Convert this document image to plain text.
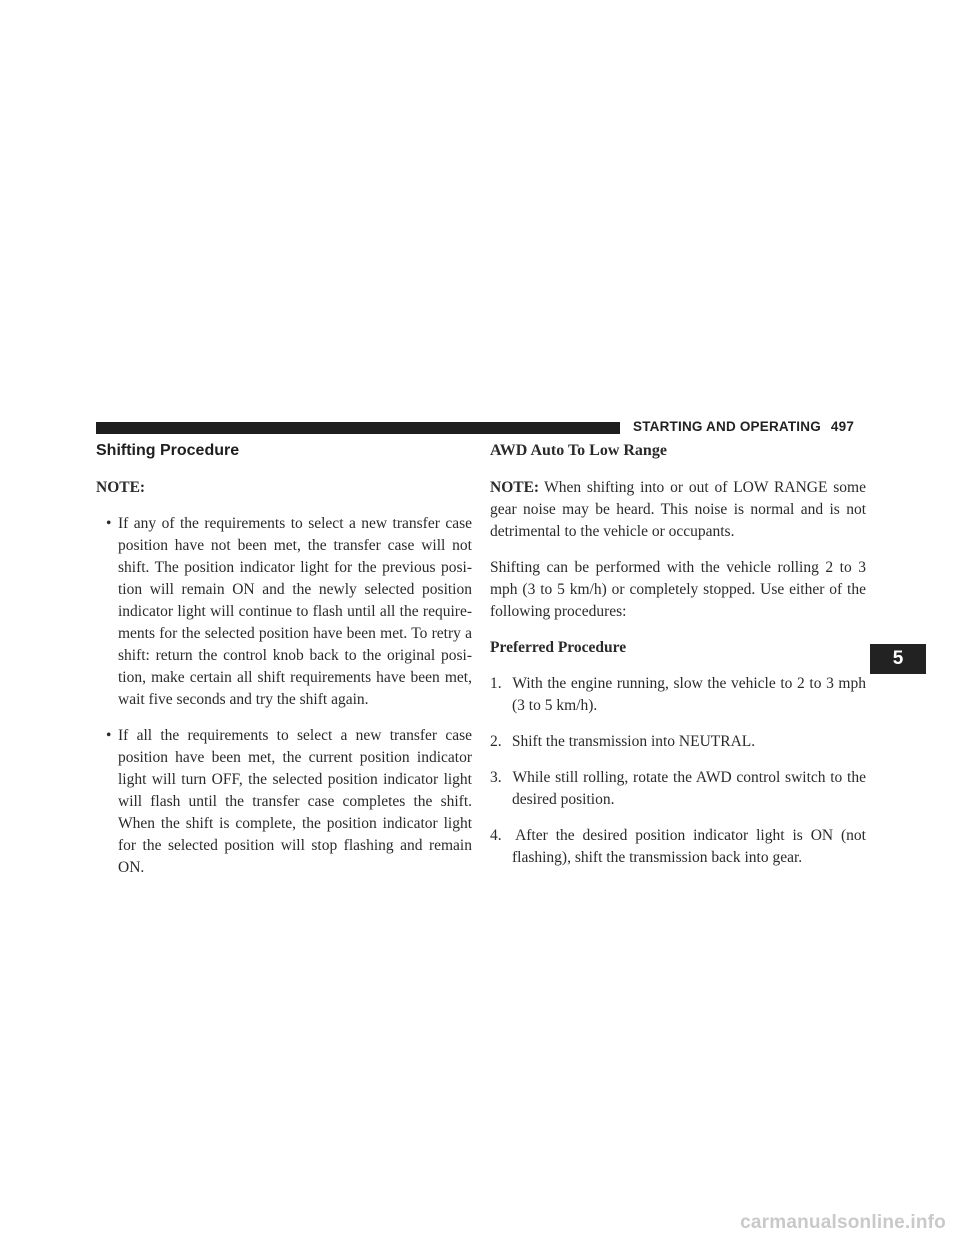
STARTING AND OPERATING 497
5
Shifting Procedure
NOTE:
• If any of the requirements to select a new transfer case position have not been met, the transfer case will not shift. The position indicator light for the previous posi-tion will remain ON and the newly selected position indicator light will continue to flash until all the require-ments for the selected position have been met. To retry a shift: return the control knob back to the original posi-tion, make certain all shift requirements have been met, wait five seconds and try the shift again.
• If all the requirements to select a new transfer case position have been met, the current position indicator light will turn OFF, the selected position indicator light will flash until the transfer case completes the shift. When the shift is complete, the position indicator light for the selected position will stop flashing and remain ON.
AWD Auto To Low Range

NOTE: When shifting into or out of LOW RANGE some gear noise may be heard. This noise is normal and is not detrimental to the vehicle or occupants.

Shifting can be performed with the vehicle rolling 2 to 3 mph (3 to 5 km/h) or completely stopped. Use either of the following procedures:

Preferred Procedure
1. With the engine running, slow the vehicle to 2 to 3 mph (3 to 5 km/h).
2. Shift the transmission into NEUTRAL.
3. While still rolling, rotate the AWD control switch to the desired position.
4. After the desired position indicator light is ON (not flashing), shift the transmission back into gear.
carmanualsonline.info
